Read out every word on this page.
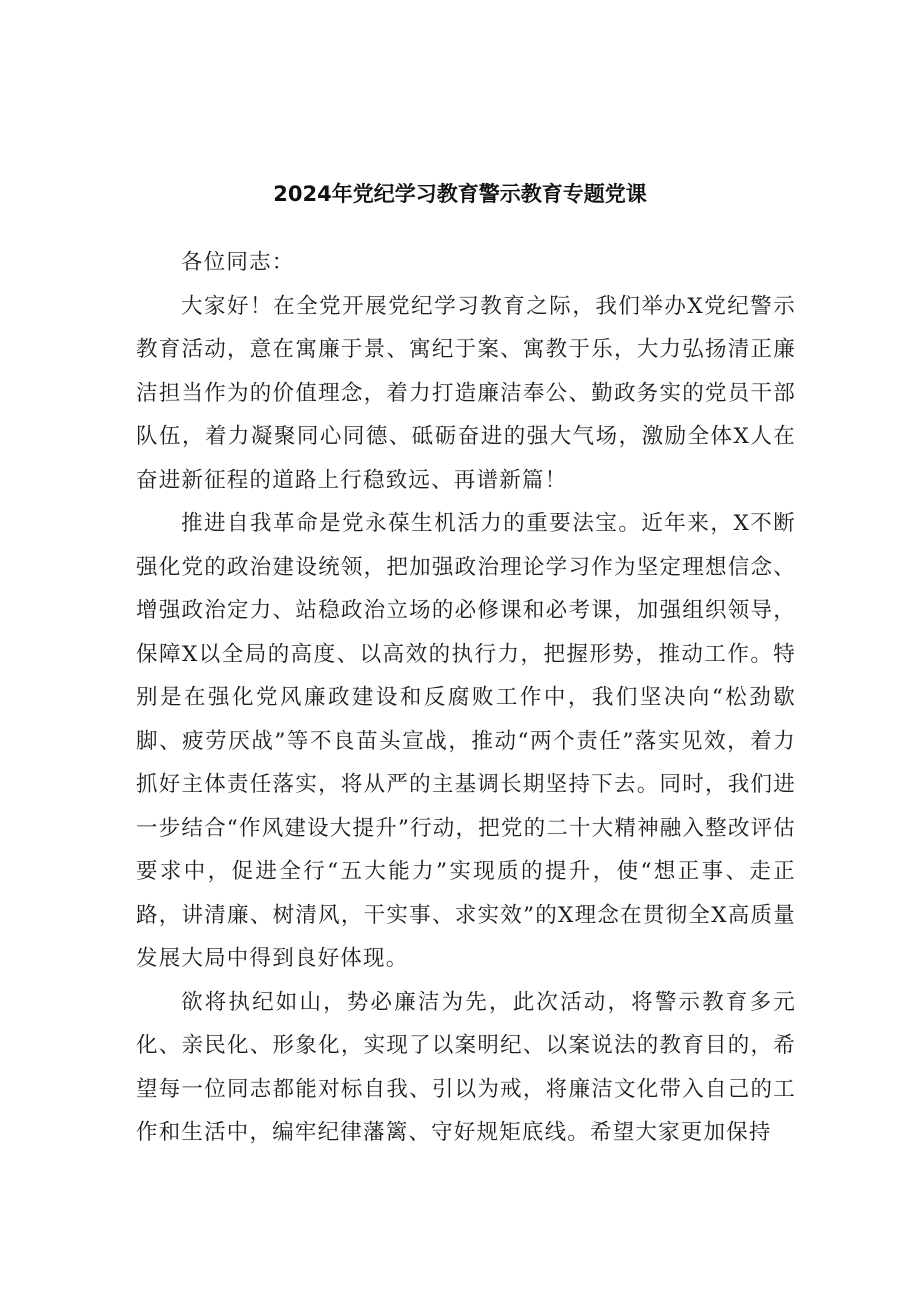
2024年党纪学习教育警示教育专题党课

各位同志：

大家好！在全党开展党纪学习教育之际，我们举办X党纪警示教育活动，意在寓廉于景、寓纪于案、寓教于乐，大力弘扬清正廉洁担当作为的价值理念，着力打造廉洁奉公、勤政务实的党员干部队伍，着力凝聚同心同德、砥砺奋进的强大气场，激励全体X人在奋进新征程的道路上行稳致远、再谱新篇！

推进自我革命是党永葆生机活力的重要法宝。近年来，X不断强化党的政治建设统领，把加强政治理论学习作为坚定理想信念、增强政治定力、站稳政治立场的必修课和必考课，加强组织领导，保障X以全局的高度、以高效的执行力，把握形势，推动工作。特别是在强化党风廉政建设和反腐败工作中，我们坚决向“松劲歇脚、疲劳厌战”等不良苗头宣战，推动“两个责任”落实见效，着力抓好主体责任落实，将从严的主基调长期坚持下去。同时，我们进一步结合“作风建设大提升”行动，把党的二十大精神融入整改评估要求中，促进全行“五大能力”实现质的提升，使“想正事、走正路，讲清廉、树清风，干实事、求实效”的X理念在贯彻全X高质量发展大局中得到良好体现。

欲将执纪如山，势必廉洁为先，此次活动，将警示教育多元化、亲民化、形象化，实现了以案明纪、以案说法的教育目的，希望每一位同志都能对标自我、引以为戒，将廉洁文化带入自己的工作和生活中，编牢纪律藩篱、守好规矩底线。希望大家更加保持
